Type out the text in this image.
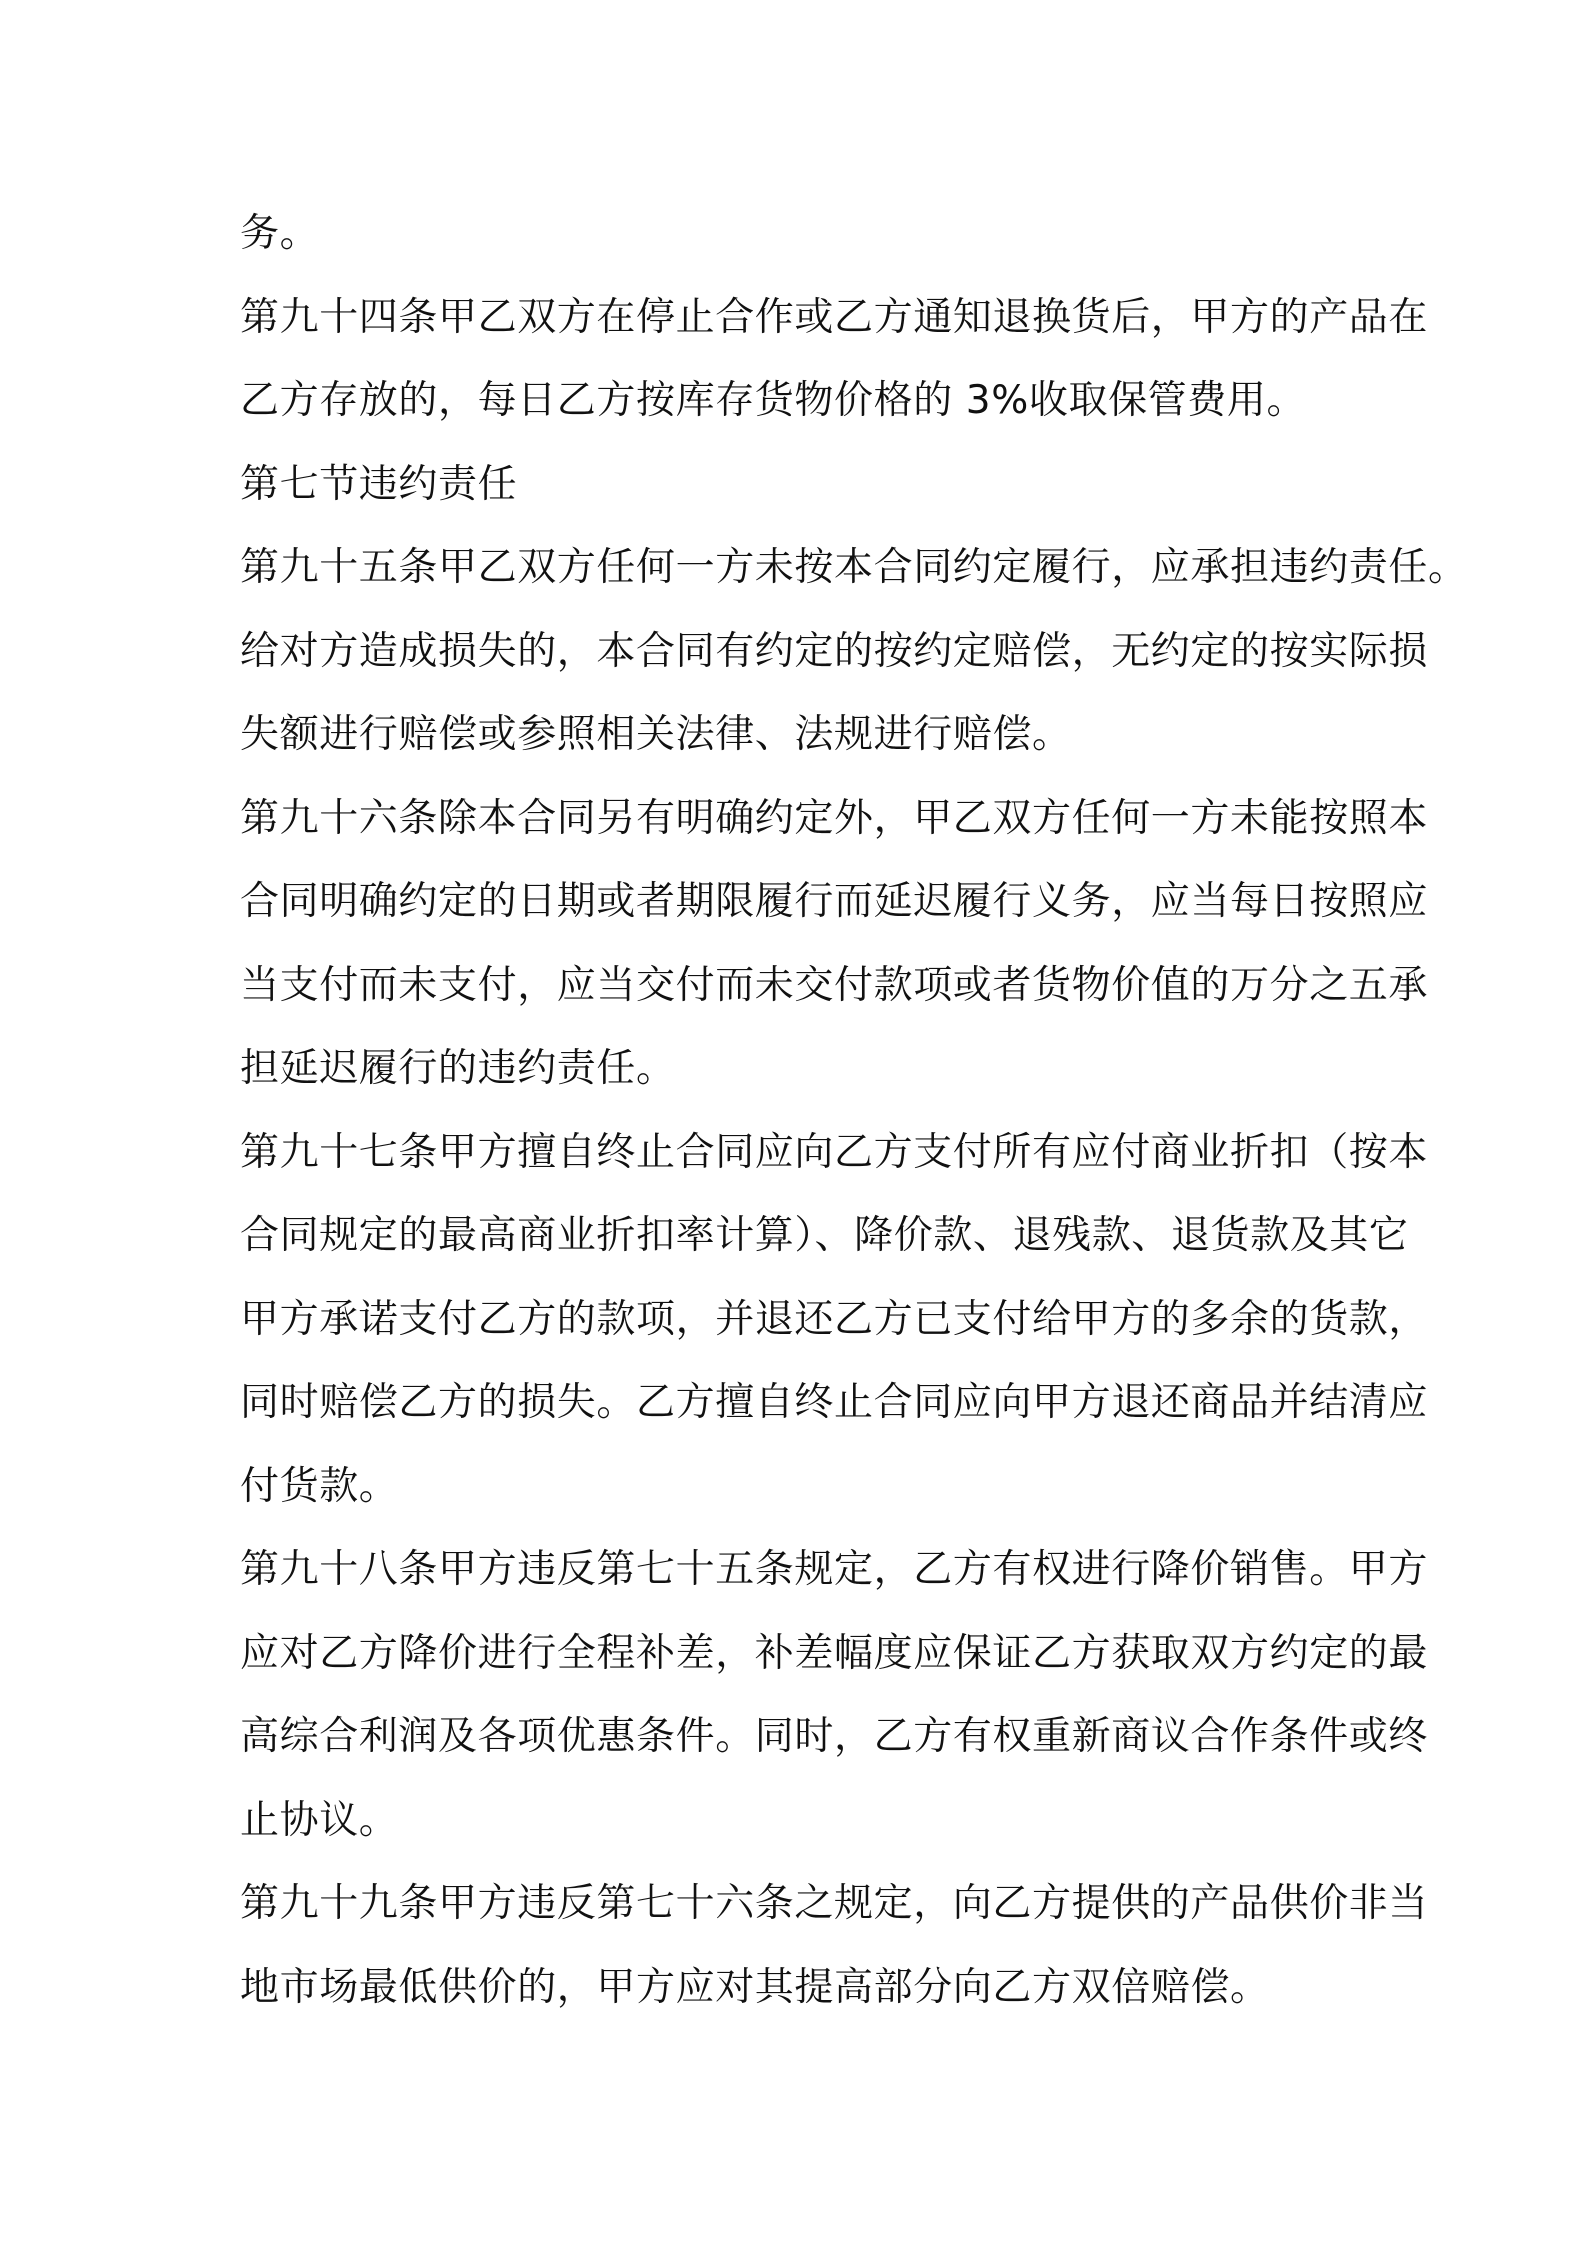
务。
第九十四条甲乙双方在停止合作或乙方通知退换货后，甲方的产品在
乙方存放的，每日乙方按库存货物价格的 3%收取保管费用。
第七节违约责任
第九十五条甲乙双方任何一方未按本合同约定履行，应承担违约责任。
给对方造成损失的，本合同有约定的按约定赔偿，无约定的按实际损
失额进行赔偿或参照相关法律、法规进行赔偿。
第九十六条除本合同另有明确约定外，甲乙双方任何一方未能按照本
合同明确约定的日期或者期限履行而延迟履行义务，应当每日按照应
当支付而未支付，应当交付而未交付款项或者货物价值的万分之五承
担延迟履行的违约责任。
第九十七条甲方擅自终止合同应向乙方支付所有应付商业折扣（按本
合同规定的最高商业折扣率计算）、降价款、退残款、退货款及其它
甲方承诺支付乙方的款项，并退还乙方已支付给甲方的多余的货款，
同时赔偿乙方的损失。乙方擅自终止合同应向甲方退还商品并结清应
付货款。
第九十八条甲方违反第七十五条规定，乙方有权进行降价销售。甲方
应对乙方降价进行全程补差，补差幅度应保证乙方获取双方约定的最
高综合利润及各项优惠条件。同时，乙方有权重新商议合作条件或终
止协议。
第九十九条甲方违反第七十六条之规定，向乙方提供的产品供价非当
地市场最低供价的，甲方应对其提高部分向乙方双倍赔偿。
